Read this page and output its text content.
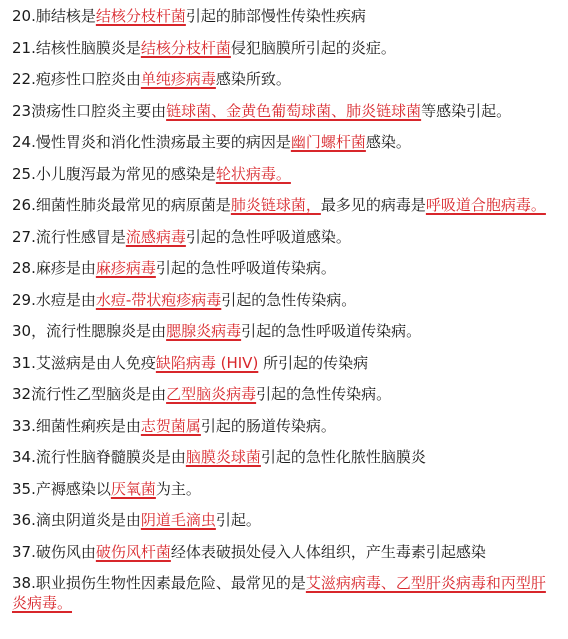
20.肺结核是结核分枝杆菌引起的肺部慢性传染性疾病
21.结核性脑膜炎是结核分枝杆菌侵犯脑膜所引起的炎症。
22.疱疹性口腔炎由单纯疹病毒感染所致。
23溃疡性口腔炎主要由链球菌、金黄色葡萄球菌、肺炎链球菌等感染引起。
24.慢性胃炎和消化性溃疡最主要的病因是幽门螺杆菌感染。
25.小儿腹泻最为常见的感染是轮状病毒。
26.细菌性肺炎最常见的病原菌是肺炎链球菌，最多见的病毒是呼吸道合胞病毒。
27.流行性感冒是流感病毒引起的急性呼吸道感染。
28.麻疹是由麻疹病毒引起的急性呼吸道传染病。
29.水痘是由水痘-带状疱疹病毒引起的急性传染病。
30，流行性腮腺炎是由腮腺炎病毒引起的急性呼吸道传染病。
31.艾滋病是由人免疫缺陷病毒 (HIV) 所引起的传染病
32流行性乙型脑炎是由乙型脑炎病毒引起的急性传染病。
33.细菌性痢疾是由志贺菌属引起的肠道传染病。
34.流行性脑脊髓膜炎是由脑膜炎球菌引起的急性化脓性脑膜炎
35.产褥感染以厌氧菌为主。
36.滴虫阴道炎是由阴道毛滴虫引起。
37.破伤风由破伤风杆菌经体表破损处侵入人体组织，产生毒素引起感染
38.职业损伤生物性因素最危险、最常见的是艾滋病病毒、乙型肝炎病毒和丙型肝炎病毒。
